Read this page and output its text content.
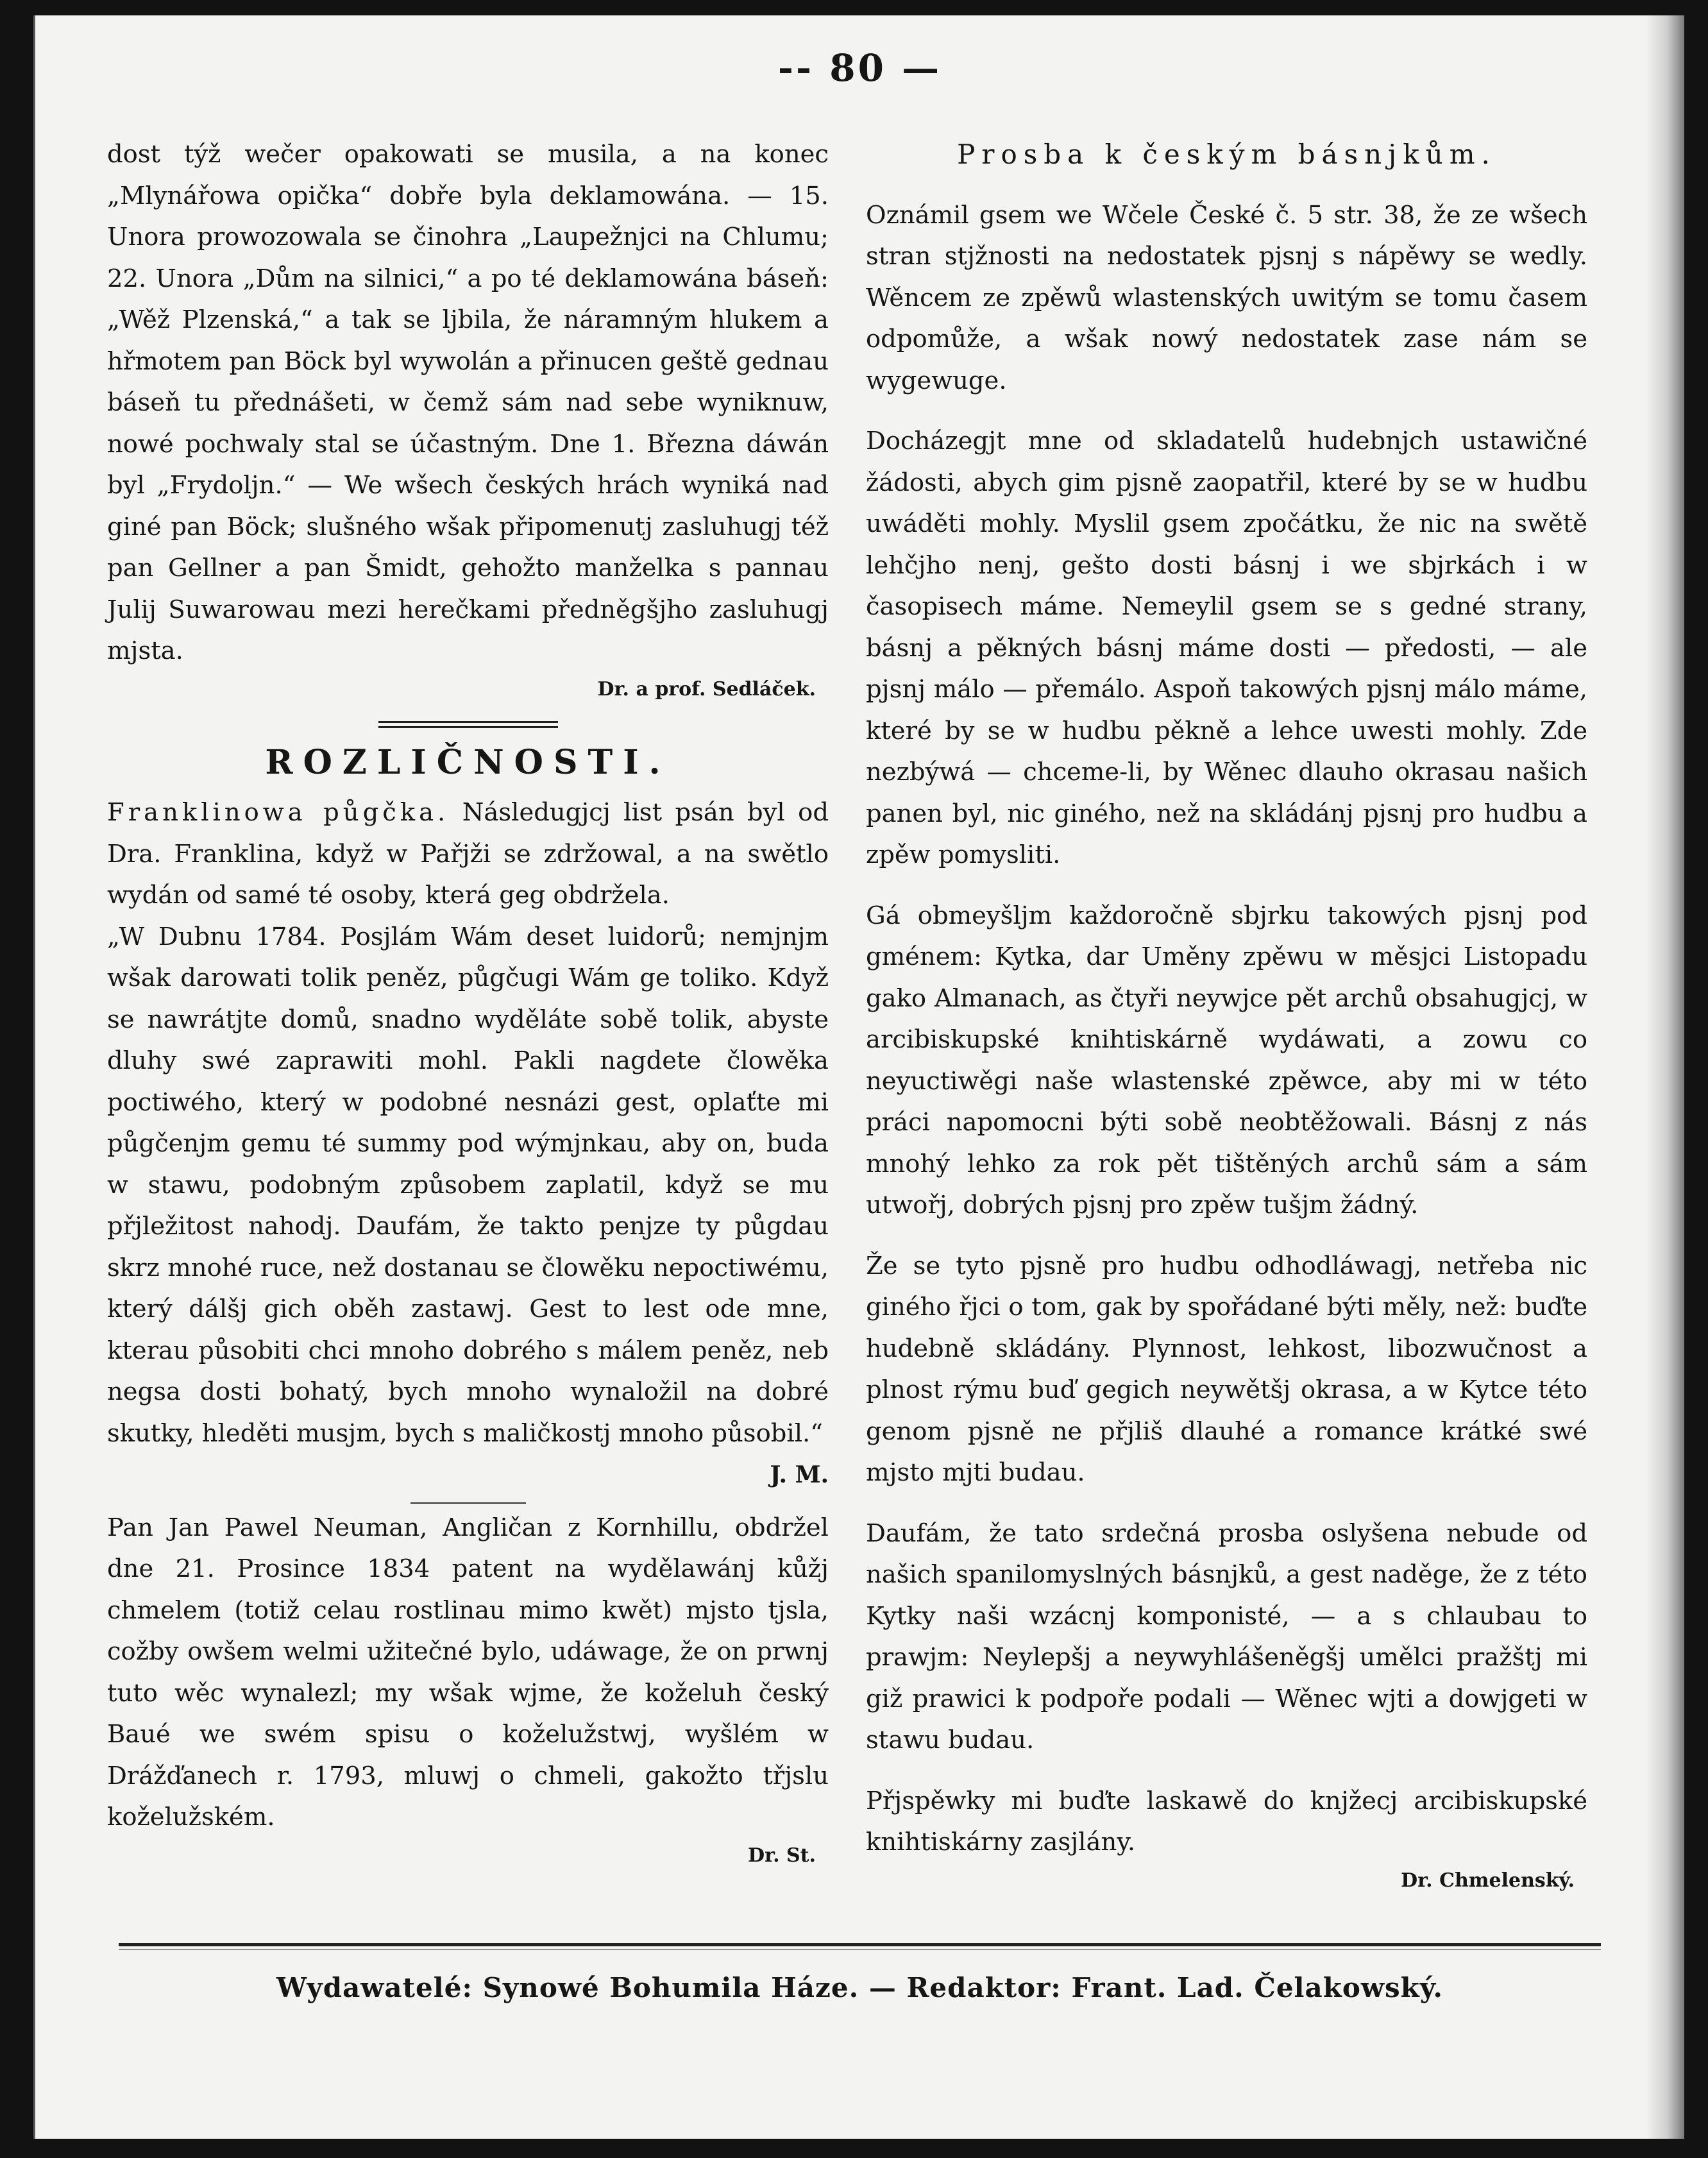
-- 80 —

dost týž wečer opakowati se musila, a na konec „Mlynářowa opička“ dobře byla deklamowána. — 15. Unora prowozowala se činohra „Laupežnjci na Chlumu; 22. Unora „Dům na silnici,“ a po té deklamowána báseň: „Wěž Plzenská,“ a tak se ljbila, že náramným hlukem a hřmotem pan Böck byl wywolán a přinucen geště gednau báseň tu přednášeti, w čemž sám nad sebe wyniknuw, nowé pochwaly stal se účastným. Dne 1. Března dáwán byl „Frydolјn.“ — We wšech českých hrách wyniká nad giné pan Böck; slušného wšak připomenutj zasluhugj též pan Gellner a pan Šmidt, gehožto manželka s pannau Julij Suwarowau mezi herečkami předněgšjho zasluhugj mjsta.

Dr. a prof. Sedláček.
ROZLIČNOSTI.

Franklinowa půgčka. Následugjcj list psán byl od Dra. Franklina, když w Pařjži se zdržowal, a na swětlo wydán od samé té osoby, která geg obdržela.

„W Dubnu 1784. Posjlám Wám deset luidorů; nemjnjm wšak darowati tolik peněz, půgčugi Wám ge toliko. Když se nawrátjte domů, snadno wyděláte sobě tolik, abyste dluhy swé zaprawiti mohl. Pakli nagdete člowěka poctiwého, který w podobné nesnázi gest, oplaťte mi půgčenjm gemu té summy pod wýmjnkau, aby on, buda w stawu, podobným způsobem zaplatil, když se mu přjležitost nahodj. Daufám, že takto penjze ty půgdau skrz mnohé ruce, než dostanau se člowěku nepoctiwému, který dálšj gich oběh zastawj. Gest to lest ode mne, kterau působiti chci mnoho dobrého s málem peněz, neb negsa dosti bohatý, bych mnoho wynaložil na dobré skutky, hleděti musjm, bych s maličkostj mnoho působil.“

J. M.

Pan Jan Pawel Neuman, Angličan z Kornhillu, obdržel dne 21. Prosince 1834 patent na wydělawánj kůžj chmelem (totiž celau rostlinau mimo kwět) mjsto tjsla, cožby owšem welmi užitečné bylo, udáwage, že on prwnj tuto wěc wynalezl; my wšak wjme, že koželuh český Baué we swém spisu o koželužstwj, wyšlém w Drážďanech r. 1793, mluwj o chmeli, gakožto třjslu koželužském.

Dr. St.
Prosba k českým básnjkům.

Oznámil gsem we Wčele České č. 5 str. 38, že ze wšech stran stjžnosti na nedostatek pjsnj s nápěwy se wedly. Wěncem ze zpěwů wlastenských uwitým se tomu časem odpomůže, a wšak nowý nedostatek zase nám se wygewuge.

Docházegjt mne od skladatelů hudebnjch ustawičné žádosti, abych gim pjsně zaopatřil, které by se w hudbu uwáděti mohly. Myslil gsem zpočátku, že nic na swětě lehčjho nenj, gešto dosti básnj i we sbjrkách i w časopisech máme. Nemeylil gsem se s gedné strany, básnj a pěkných básnj máme dosti — předosti, — ale pjsnj málo — přemálo. Aspoň takowých pjsnj málo máme, které by se w hudbu pěkně a lehce uwesti mohly. Zde nezbýwá — chceme-li, by Wěnec dlauho okrasau našich panen byl, nic giného, než na skládánj pjsnj pro hudbu a zpěw pomysliti.

Gá obmeyšljm každoročně sbjrku takowých pjsnj pod gménem: Kytka, dar Uměny zpěwu w měsjci Listopadu gako Almanach, as čtyři neywjce pět archů obsahugjcj, w arcibiskupské knihtiskárně wydáwati, a zowu co neyuctiwěgi naše wlastenské zpěwce, aby mi w této práci napomocni býti sobě neobtěžowali. Básnj z nás mnohý lehko za rok pět tištěných archů sám a sám utwořj, dobrých pjsnj pro zpěw tušjm žádný.

Že se tyto pjsně pro hudbu odhodláwagj, netřeba nic giného řjci o tom, gak by spořádané býti měly, než: buďte hudebně skládány. Plynnost, lehkost, libozwučnost a plnost rýmu buď gegich neywětšj okrasa, a w Kytce této genom pjsně ne přjliš dlauhé a romance krátké swé mjsto mjti budau.

Daufám, že tato srdečná prosba oslyšena nebude od našich spanilomyslných básnjků, a gest naděge, že z této Kytky naši wzácnj komponisté, — a s chlaubau to prawjm: Neylepšj a neywyhlášeněgšj umělci pražštj mi giž prawici k podpoře podali — Wěnec wjti a dowjgeti w stawu budau.

Přjspěwky mi buďte laskawě do knjžecj arcibiskupské knihtiskárny zasjlány.

Dr. Chmelenský.
Wydawatelé: Synowé Bohumila Háze. — Redaktor: Frant. Lad. Čelakowský.
